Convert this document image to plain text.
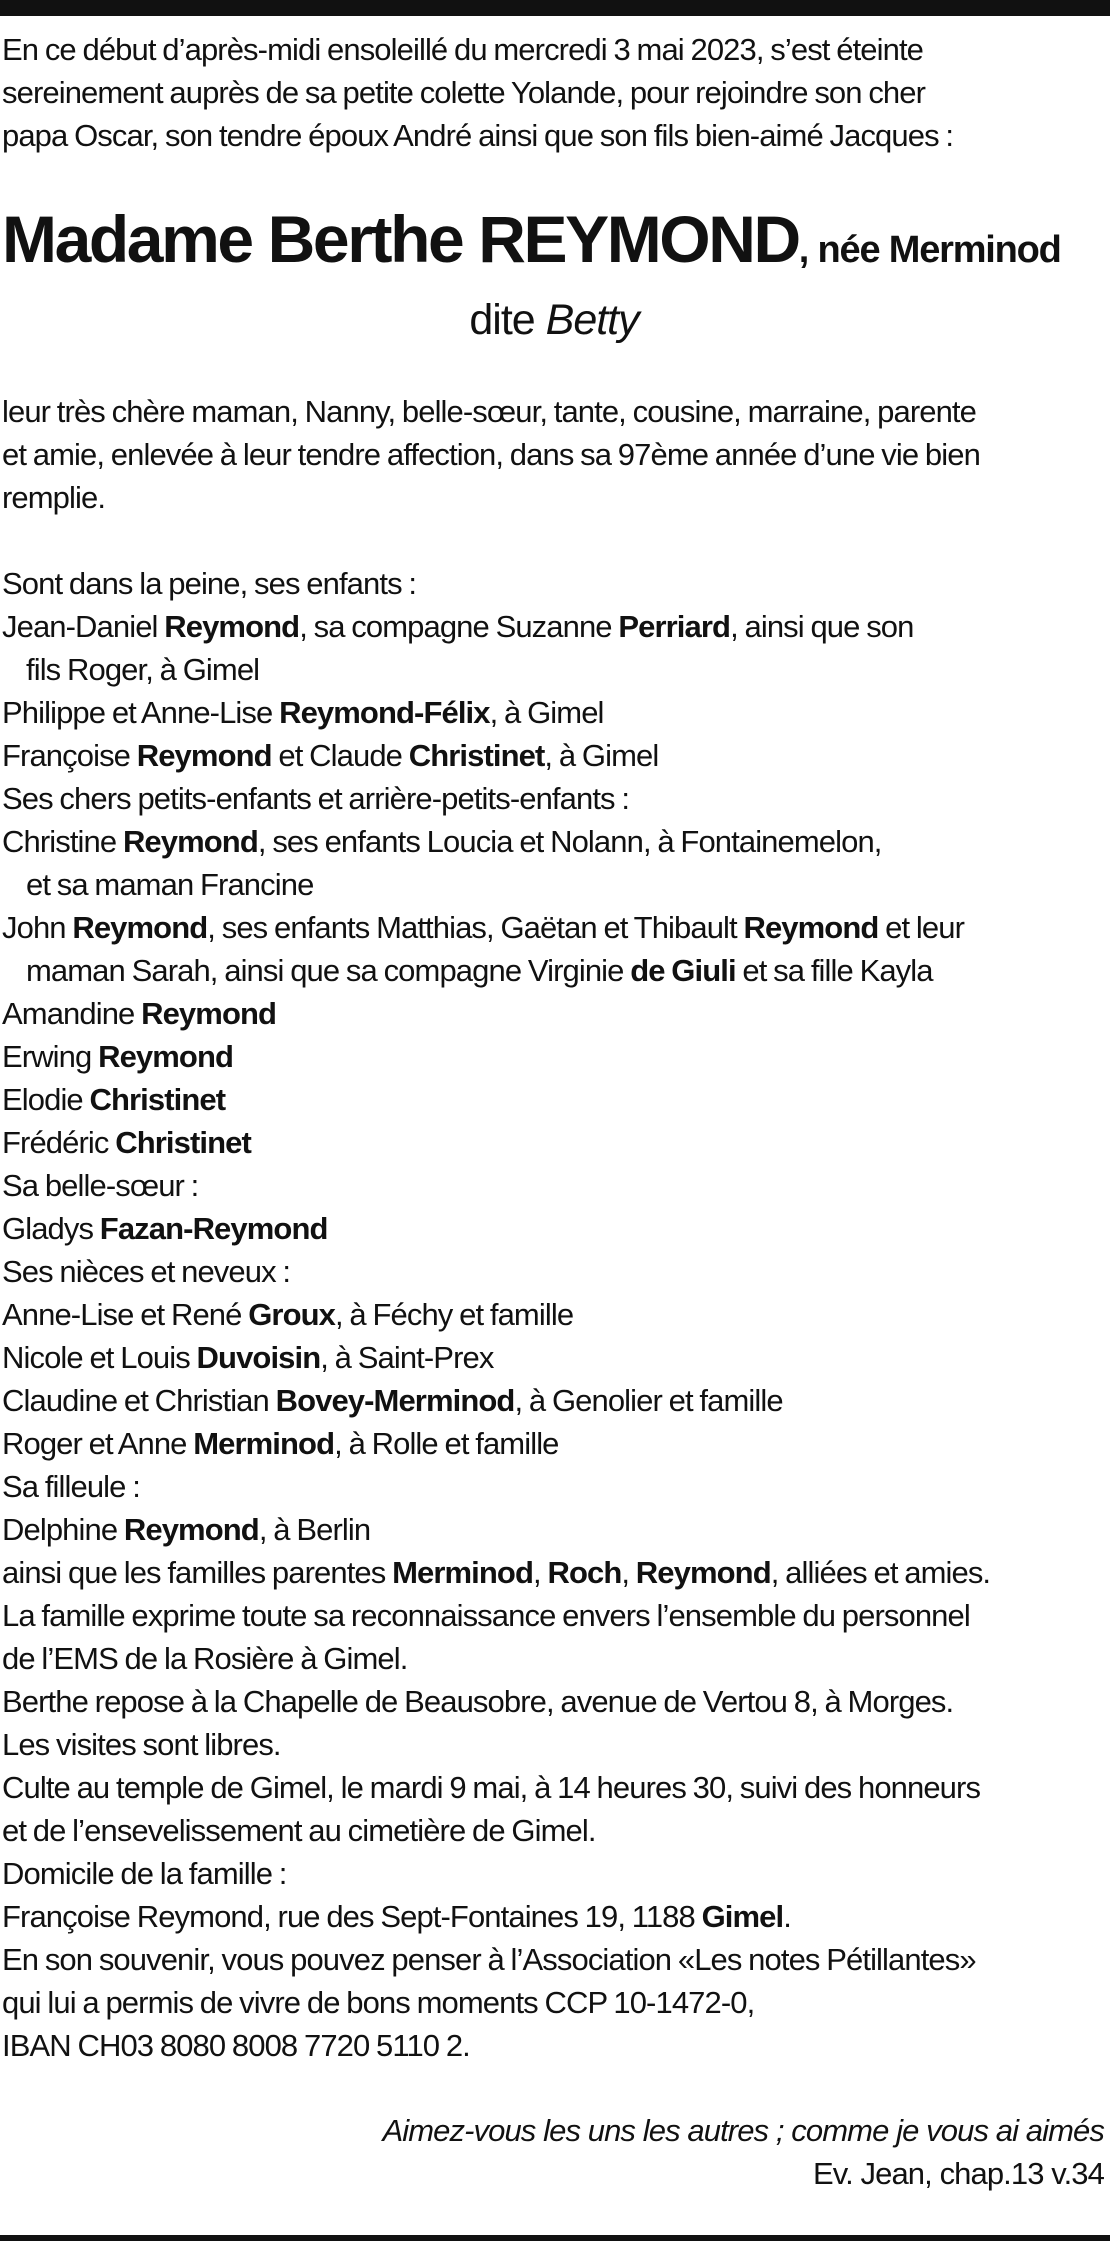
En ce début d’après-midi ensoleillé du mercredi 3 mai 2023, s’est éteinte

sereinement auprès de sa petite colette Yolande, pour rejoindre son cher

papa Oscar, son tendre époux André ainsi que son fils bien-aimé Jacques :

Madame Berthe REYMOND, née Merminod

dite Betty

leur très chère maman, Nanny, belle-sœur, tante, cousine, marraine, parente

et amie, enlevée à leur tendre affection, dans sa 97ème année d’une vie bien

remplie.

Sont dans la peine, ses enfants :

Jean-Daniel Reymond, sa compagne Suzanne Perriard, ainsi que son

fils Roger, à Gimel

Philippe et Anne-Lise Reymond-Félix, à Gimel

Françoise Reymond et Claude Christinet, à Gimel

Ses chers petits-enfants et arrière-petits-enfants :

Christine Reymond, ses enfants Loucia et Nolann, à Fontainemelon,

et sa maman Francine

John Reymond, ses enfants Matthias, Gaëtan et Thibault Reymond et leur

maman Sarah, ainsi que sa compagne Virginie de Giuli et sa fille Kayla

Amandine Reymond

Erwing Reymond

Elodie Christinet

Frédéric Christinet

Sa belle-sœur :

Gladys Fazan-Reymond

Ses nièces et neveux :

Anne-Lise et René Groux, à Féchy et famille

Nicole et Louis Duvoisin, à Saint-Prex

Claudine et Christian Bovey-Merminod, à Genolier et famille

Roger et Anne Merminod, à Rolle et famille

Sa filleule :

Delphine Reymond, à Berlin

ainsi que les familles parentes Merminod, Roch, Reymond, alliées et amies.

La famille exprime toute sa reconnaissance envers l’ensemble du personnel

de l’EMS de la Rosière à Gimel.

Berthe repose à la Chapelle de Beausobre, avenue de Vertou 8, à Morges.

Les visites sont libres.

Culte au temple de Gimel, le mardi 9 mai, à 14 heures 30, suivi des honneurs

et de l’ensevelissement au cimetière de Gimel.

Domicile de la famille :

Françoise Reymond, rue des Sept-Fontaines 19, 1188 Gimel.

En son souvenir, vous pouvez penser à l’Association «Les notes Pétillantes»

qui lui a permis de vivre de bons moments CCP 10-1472-0,

IBAN CH03 8080 8008 7720 5110 2.

Aimez-vous les uns les autres ; comme je vous ai aimés

Ev. Jean, chap.13 v.34
